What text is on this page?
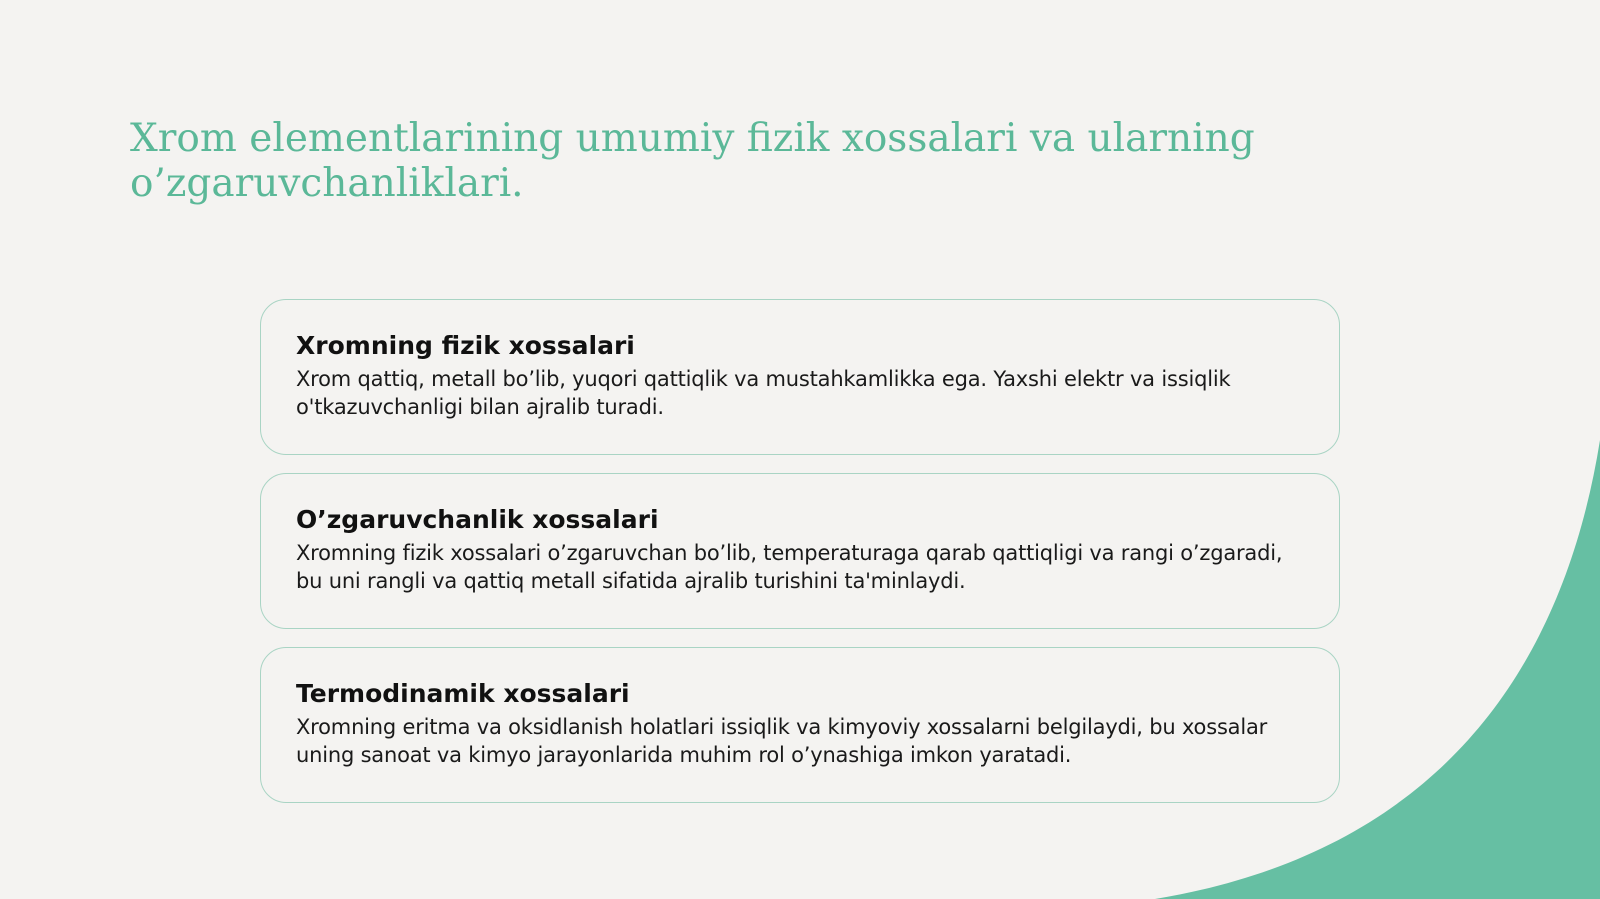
Xrom elementlarining umumiy fizik xossalari va ularning o’zgaruvchanliklari.
Xromning fizik xossalari

Xrom qattiq, metall bo’lib, yuqori qattiqlik va mustahkamlikka ega. Yaxshi elektr va issiqlik o'tkazuvchanligi bilan ajralib turadi.

O’zgaruvchanlik xossalari

Xromning fizik xossalari o’zgaruvchan bo’lib, temperaturaga qarab qattiqligi va rangi o’zgaradi, bu uni rangli va qattiq metall sifatida ajralib turishini ta'minlaydi.

Termodinamik xossalari

Xromning eritma va oksidlanish holatlari issiqlik va kimyoviy xossalarni belgilaydi, bu xossalar uning sanoat va kimyo jarayonlarida muhim rol o’ynashiga imkon yaratadi.
